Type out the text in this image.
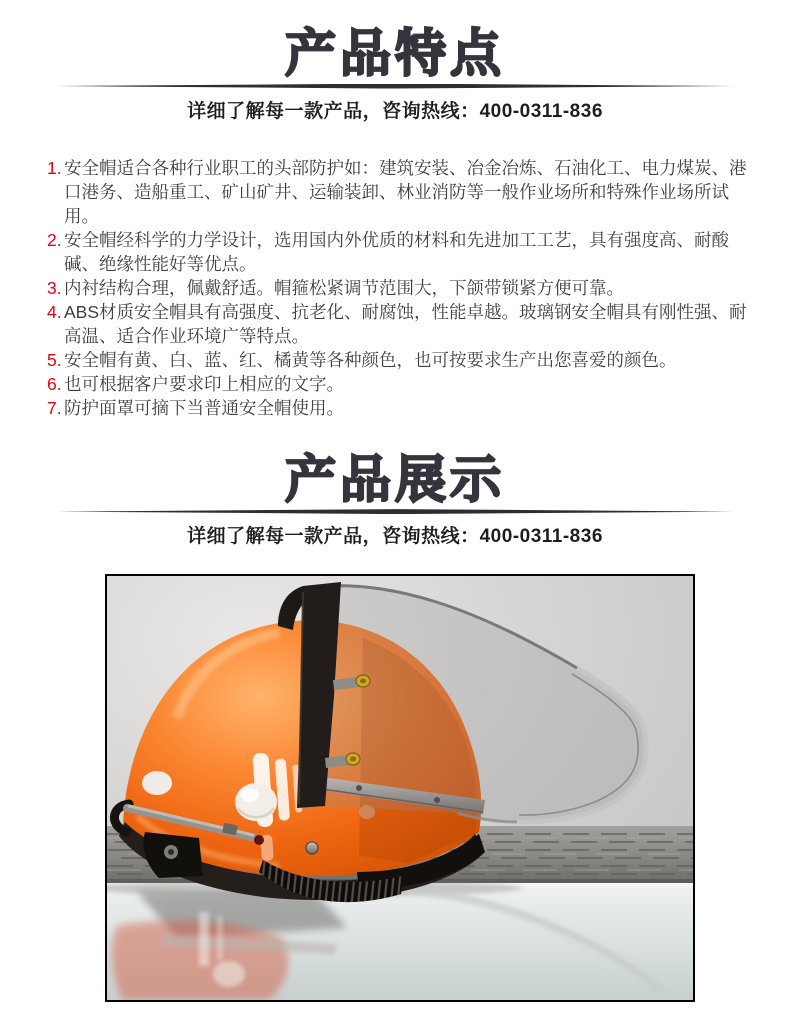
产品特点

详细了解每一款产品，咨询热线：400-0311-836

1. 安全帽适合各种行业职工的头部防护如：建筑安装、冶金冶炼、石油化工、电力煤炭、港口港务、造船重工、矿山矿井、运输装卸、林业消防等一般作业场所和特殊作业场所试用。
2. 安全帽经科学的力学设计，选用国内外优质的材料和先进加工工艺，具有强度高、耐酸碱、绝缘性能好等优点。
3. 内衬结构合理，佩戴舒适。帽箍松紧调节范围大，下颌带锁紧方便可靠。
4. ABS材质安全帽具有高强度、抗老化、耐腐蚀，性能卓越。玻璃钢安全帽具有刚性强、耐高温、适合作业环境广等特点。
5. 安全帽有黄、白、蓝、红、橘黄等各种颜色，也可按要求生产出您喜爱的颜色。
6. 也可根据客户要求印上相应的文字。
7. 防护面罩可摘下当普通安全帽使用。
产品展示

详细了解每一款产品，咨询热线：400-0311-836
